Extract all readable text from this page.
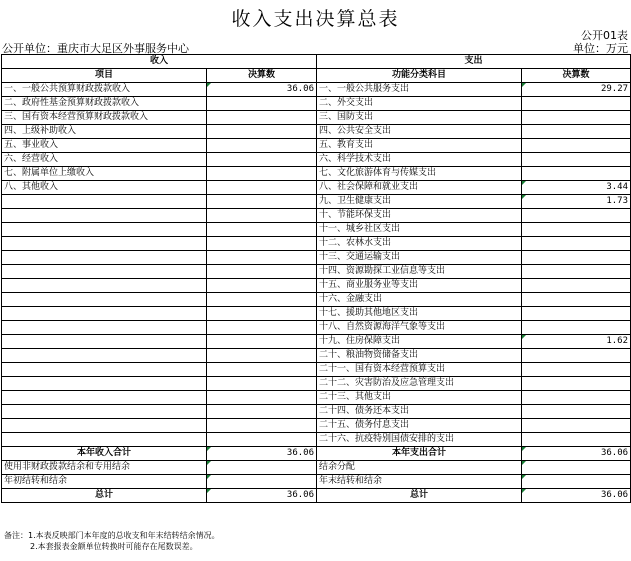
收入支出决算总表
公开01表
公开单位：重庆市大足区外事服务中心	单位：万元
收入		支出	
项目	决算数	功能分类科目	决算数
一、一般公共预算财政拨款收入	36.06	一、一般公共服务支出	29.27
二、政府性基金预算财政拨款收入		二、外交支出	
三、国有资本经营预算财政拨款收入		三、国防支出	
四、上级补助收入		四、公共安全支出	
五、事业收入		五、教育支出	
六、经营收入		六、科学技术支出	
七、附属单位上缴收入		七、文化旅游体育与传媒支出	
八、其他收入		八、社会保障和就业支出	3.44
		九、卫生健康支出	1.73
		十、节能环保支出	
		十一、城乡社区支出	
		十二、农林水支出	
		十三、交通运输支出	
		十四、资源勘探工业信息等支出	
		十五、商业服务业等支出	
		十六、金融支出	
		十七、援助其他地区支出	
		十八、自然资源海洋气象等支出	
		十九、住房保障支出	1.62
		二十、粮油物资储备支出	
		二十一、国有资本经营预算支出	
		二十二、灾害防治及应急管理支出	
		二十三、其他支出	
		二十四、债务还本支出	
		二十五、债务付息支出	
		二十六、抗疫特别国债安排的支出	
本年收入合计	36.06	本年支出合计	36.06
使用非财政拨款结余和专用结余		结余分配	
年初结转和结余		年末结转和结余	
总计	36.06	总计	36.06
备注：1.本表反映部门本年度的总收支和年末结转结余情况。
2.本套报表金额单位转换时可能存在尾数误差。
